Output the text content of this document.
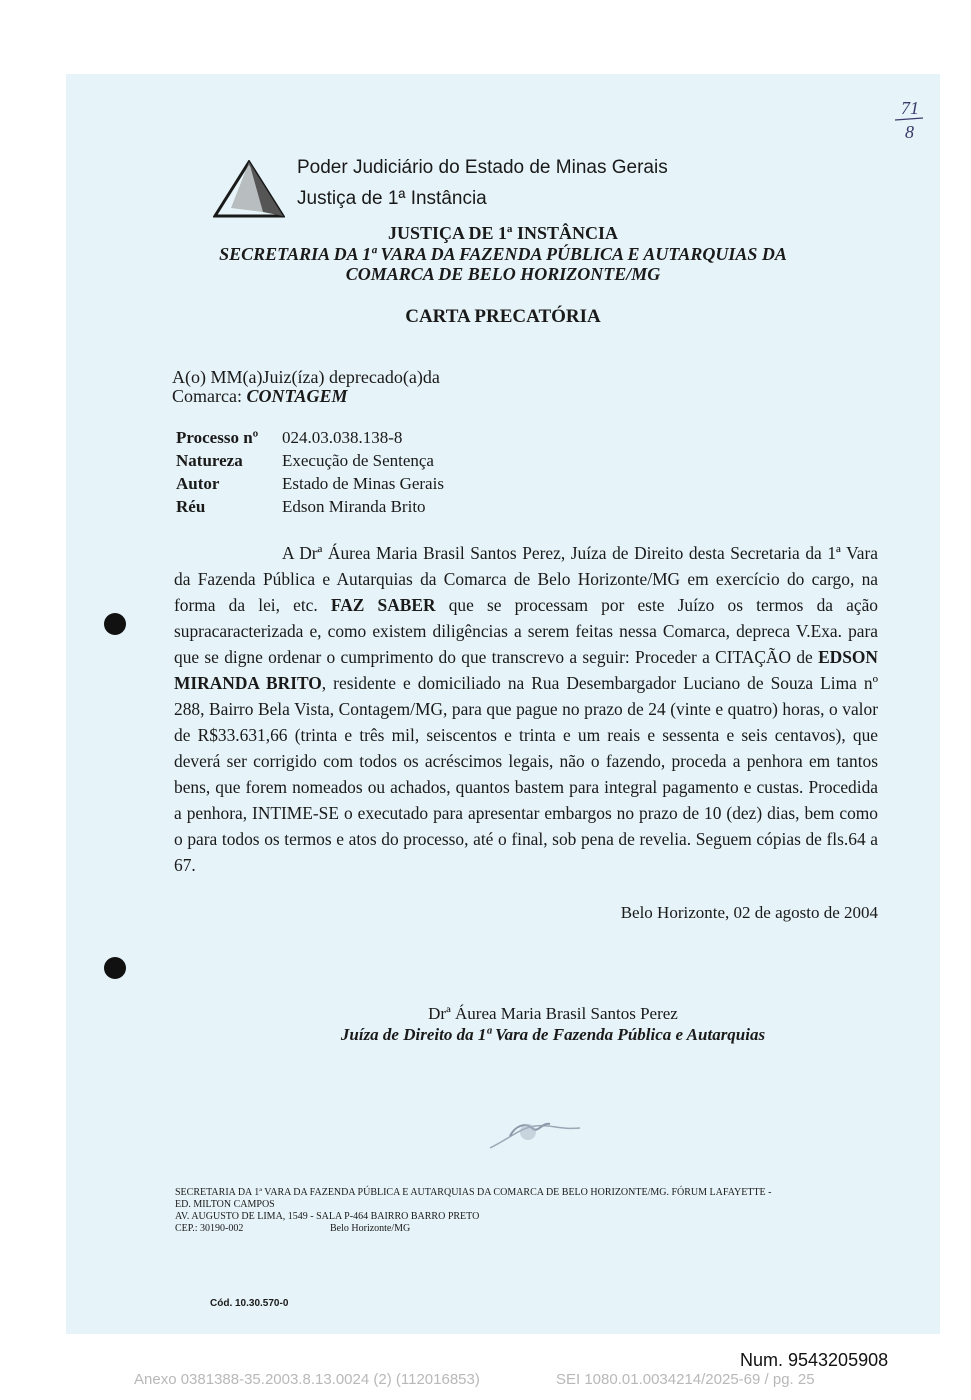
71
8
Poder Judiciário do Estado de Minas Gerais
Justiça de 1ª Instância
JUSTIÇA DE 1ª INSTÂNCIA
SECRETARIA DA 1ª VARA DA FAZENDA PÚBLICA E AUTARQUIAS DA
COMARCA DE BELO HORIZONTE/MG
CARTA PRECATÓRIA
A(o) MM(a)Juiz(íza) deprecado(a)da
Comarca: CONTAGEM
Processo nº	024.03.038.138-8
Natureza	Execução de Sentença
Autor	Estado de Minas Gerais
Réu	Edson Miranda Brito
A Drª Áurea Maria Brasil Santos Perez, Juíza de Direito desta Secretaria da 1ª Vara da Fazenda Pública e Autarquias da Comarca de Belo Horizonte/MG em exercício do cargo, na forma da lei, etc. FAZ SABER que se processam por este Juízo os termos da ação supracaracterizada e, como existem diligências a serem feitas nessa Comarca, depreca V.Exa. para que se digne ordenar o cumprimento do que transcrevo a seguir: Proceder a CITAÇÃO de EDSON MIRANDA BRITO, residente e domiciliado na Rua Desembargador Luciano de Souza Lima nº 288, Bairro Bela Vista, Contagem/MG, para que pague no prazo de 24 (vinte e quatro) horas, o valor de R$33.631,66 (trinta e três mil, seiscentos e trinta e um reais e sessenta e seis centavos), que deverá ser corrigido com todos os acréscimos legais, não o fazendo, proceda a penhora em tantos bens, que forem nomeados ou achados, quantos bastem para integral pagamento e custas. Procedida a penhora, INTIME-SE o executado para apresentar embargos no prazo de 10 (dez) dias, bem como o para todos os termos e atos do processo, até o final, sob pena de revelia. Seguem cópias de fls.64 a 67.
Belo Horizonte, 02 de agosto de 2004
Drª Áurea Maria Brasil Santos Perez
Juíza de Direito da 1ª Vara de Fazenda Pública e Autarquias
SECRETARIA DA 1ª VARA DA FAZENDA PÚBLICA E AUTARQUIAS DA COMARCA DE BELO HORIZONTE/MG. FÓRUM LAFAYETTE -
ED. MILTON CAMPOS
AV. AUGUSTO DE LIMA, 1549 - SALA P-464 BAIRRO BARRO PRETO
CEP.: 30190-002	Belo Horizonte/MG
Cód. 10.30.570-0
Num. 9543205908
Anexo 0381388-35.2003.8.13.0024 (2) (112016853)	SEI 1080.01.0034214/2025-69 / pg. 25
